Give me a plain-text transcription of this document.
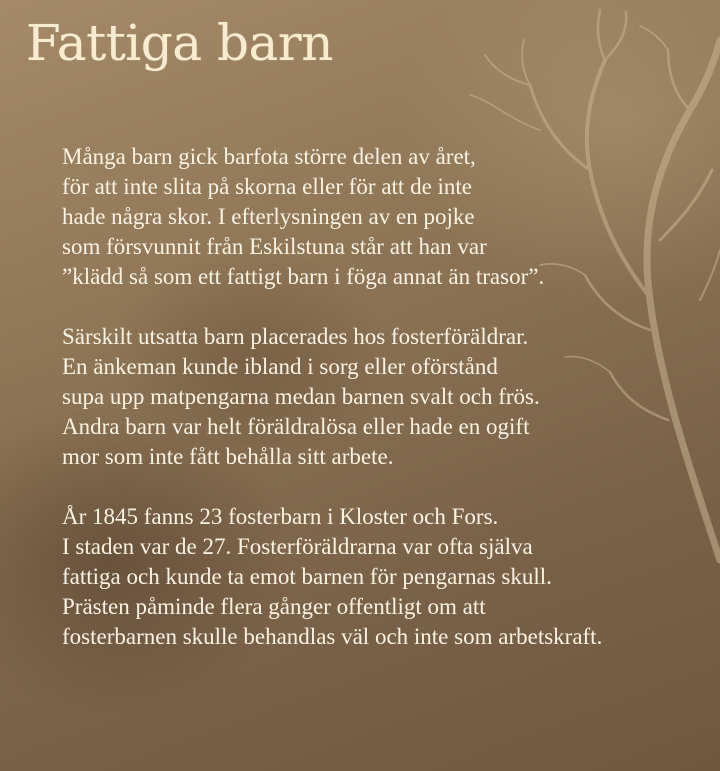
Fattiga barn

Många barn gick barfota större delen av året,
för att inte slita på skorna eller för att de inte
hade några skor. I efterlysningen av en pojke
som försvunnit från Eskilstuna står att han var
”klädd så som ett fattigt barn i föga annat än trasor”.

Särskilt utsatta barn placerades hos fosterföräldrar.
En änkeman kunde ibland i sorg eller oförstånd
supa upp matpengarna medan barnen svalt och frös.
Andra barn var helt föräldralösa eller hade en ogift
mor som inte fått behålla sitt arbete.

År 1845 fanns 23 fosterbarn i Kloster och Fors.
I staden var de 27. Fosterföräldrarna var ofta själva
fattiga och kunde ta emot barnen för pengarnas skull.
Prästen påminde flera gånger offentligt om att
fosterbarnen skulle behandlas väl och inte som arbetskraft.
